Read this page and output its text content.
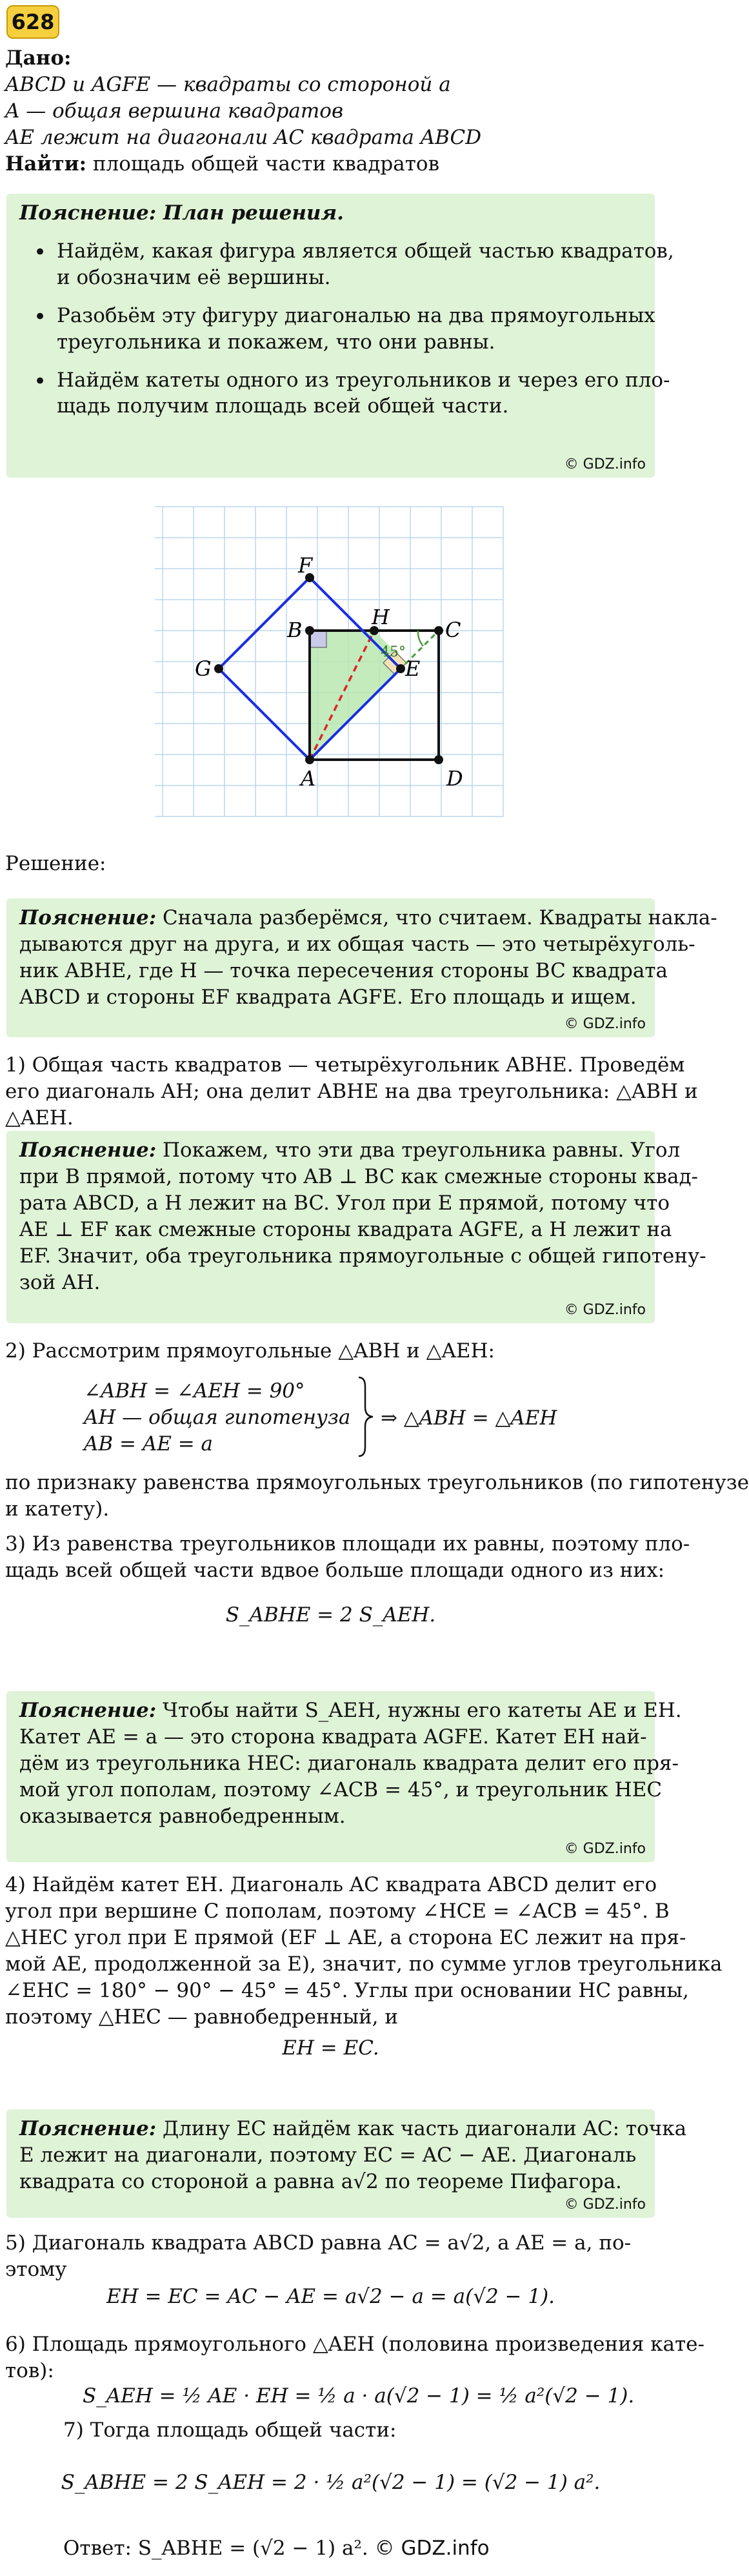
628

Дано:

ABCD и AGFE — квадраты со стороной a

A — общая вершина квадратов

AE лежит на диагонали AC квадрата ABCD

Найти: площадь общей части квадратов

Пояснение: План решения.

• Найдём, какая фигура является общей частью квадратов,

и обозначим её вершины.

• Разобьём эту фигуру диагональю на два прямоугольных

треугольника и покажем, что они равны.

• Найдём катеты одного из треугольников и через его пло-

щадь получим площадь всей общей части.

© GDZ.info
F
B
H
C
G	E
A	D
45°

Решение:

Пояснение: Сначала разберёмся, что считаем. Квадраты накла-

дываются друг на друга, и их общая часть — это четырёхуголь-

ник ABHE, где H — точка пересечения стороны BC квадрата

ABCD и стороны EF квадрата AGFE. Его площадь и ищем.

© GDZ.info

1) Общая часть квадратов — четырёхугольник ABHE. Проведём

его диагональ AH; она делит ABHE на два треугольника: △ABH и

△AEH.

Пояснение: Покажем, что эти два треугольника равны. Угол

при B прямой, потому что AB ⊥ BC как смежные стороны квад-

рата ABCD, а H лежит на BC. Угол при E прямой, потому что

AE ⊥ EF как смежные стороны квадрата AGFE, а H лежит на

EF. Значит, оба треугольника прямоугольные с общей гипотену-

зой AH.

© GDZ.info

2) Рассмотрим прямоугольные △ABH и △AEH:

∠ABH = ∠AEH = 90°

AH — общая гипотенуза

AB = AE = a

⇒ △ABH = △AEH

по признаку равенства прямоугольных треугольников (по гипотенузе

и катету).

3) Из равенства треугольников площади их равны, поэтому пло-

щадь всей общей части вдвое больше площади одного из них:

S_ABHE = 2 S_AEH.

Пояснение: Чтобы найти S_AEH, нужны его катеты AE и EH.

Катет AE = a — это сторона квадрата AGFE. Катет EH най-

дём из треугольника HEC: диагональ квадрата делит его пря-

мой угол пополам, поэтому ∠ACB = 45°, и треугольник HEC

оказывается равнобедренным.

© GDZ.info

4) Найдём катет EH. Диагональ AC квадрата ABCD делит его

угол при вершине C пополам, поэтому ∠HCE = ∠ACB = 45°. В

△HEC угол при E прямой (EF ⊥ AE, а сторона EC лежит на пря-

мой AE, продолженной за E), значит, по сумме углов треугольника

∠EHC = 180° − 90° − 45° = 45°. Углы при основании HC равны,

поэтому △HEC — равнобедренный, и

EH = EC.

Пояснение: Длину EC найдём как часть диагонали AC: точка

E лежит на диагонали, поэтому EC = AC − AE. Диагональ

квадрата со стороной a равна a√2 по теореме Пифагора.

© GDZ.info

5) Диагональ квадрата ABCD равна AC = a√2, а AE = a, по-

этому

EH = EC = AC − AE = a√2 − a = a(√2 − 1).

6) Площадь прямоугольного △AEH (половина произведения кате-

тов):

S_AEH = ½ AE · EH = ½ a · a(√2 − 1) = ½ a²(√2 − 1).

7) Тогда площадь общей части:

S_ABHE = 2 S_AEH = 2 · ½ a²(√2 − 1) = (√2 − 1) a².

Ответ: S_ABHE = (√2 − 1) a². © GDZ.info
